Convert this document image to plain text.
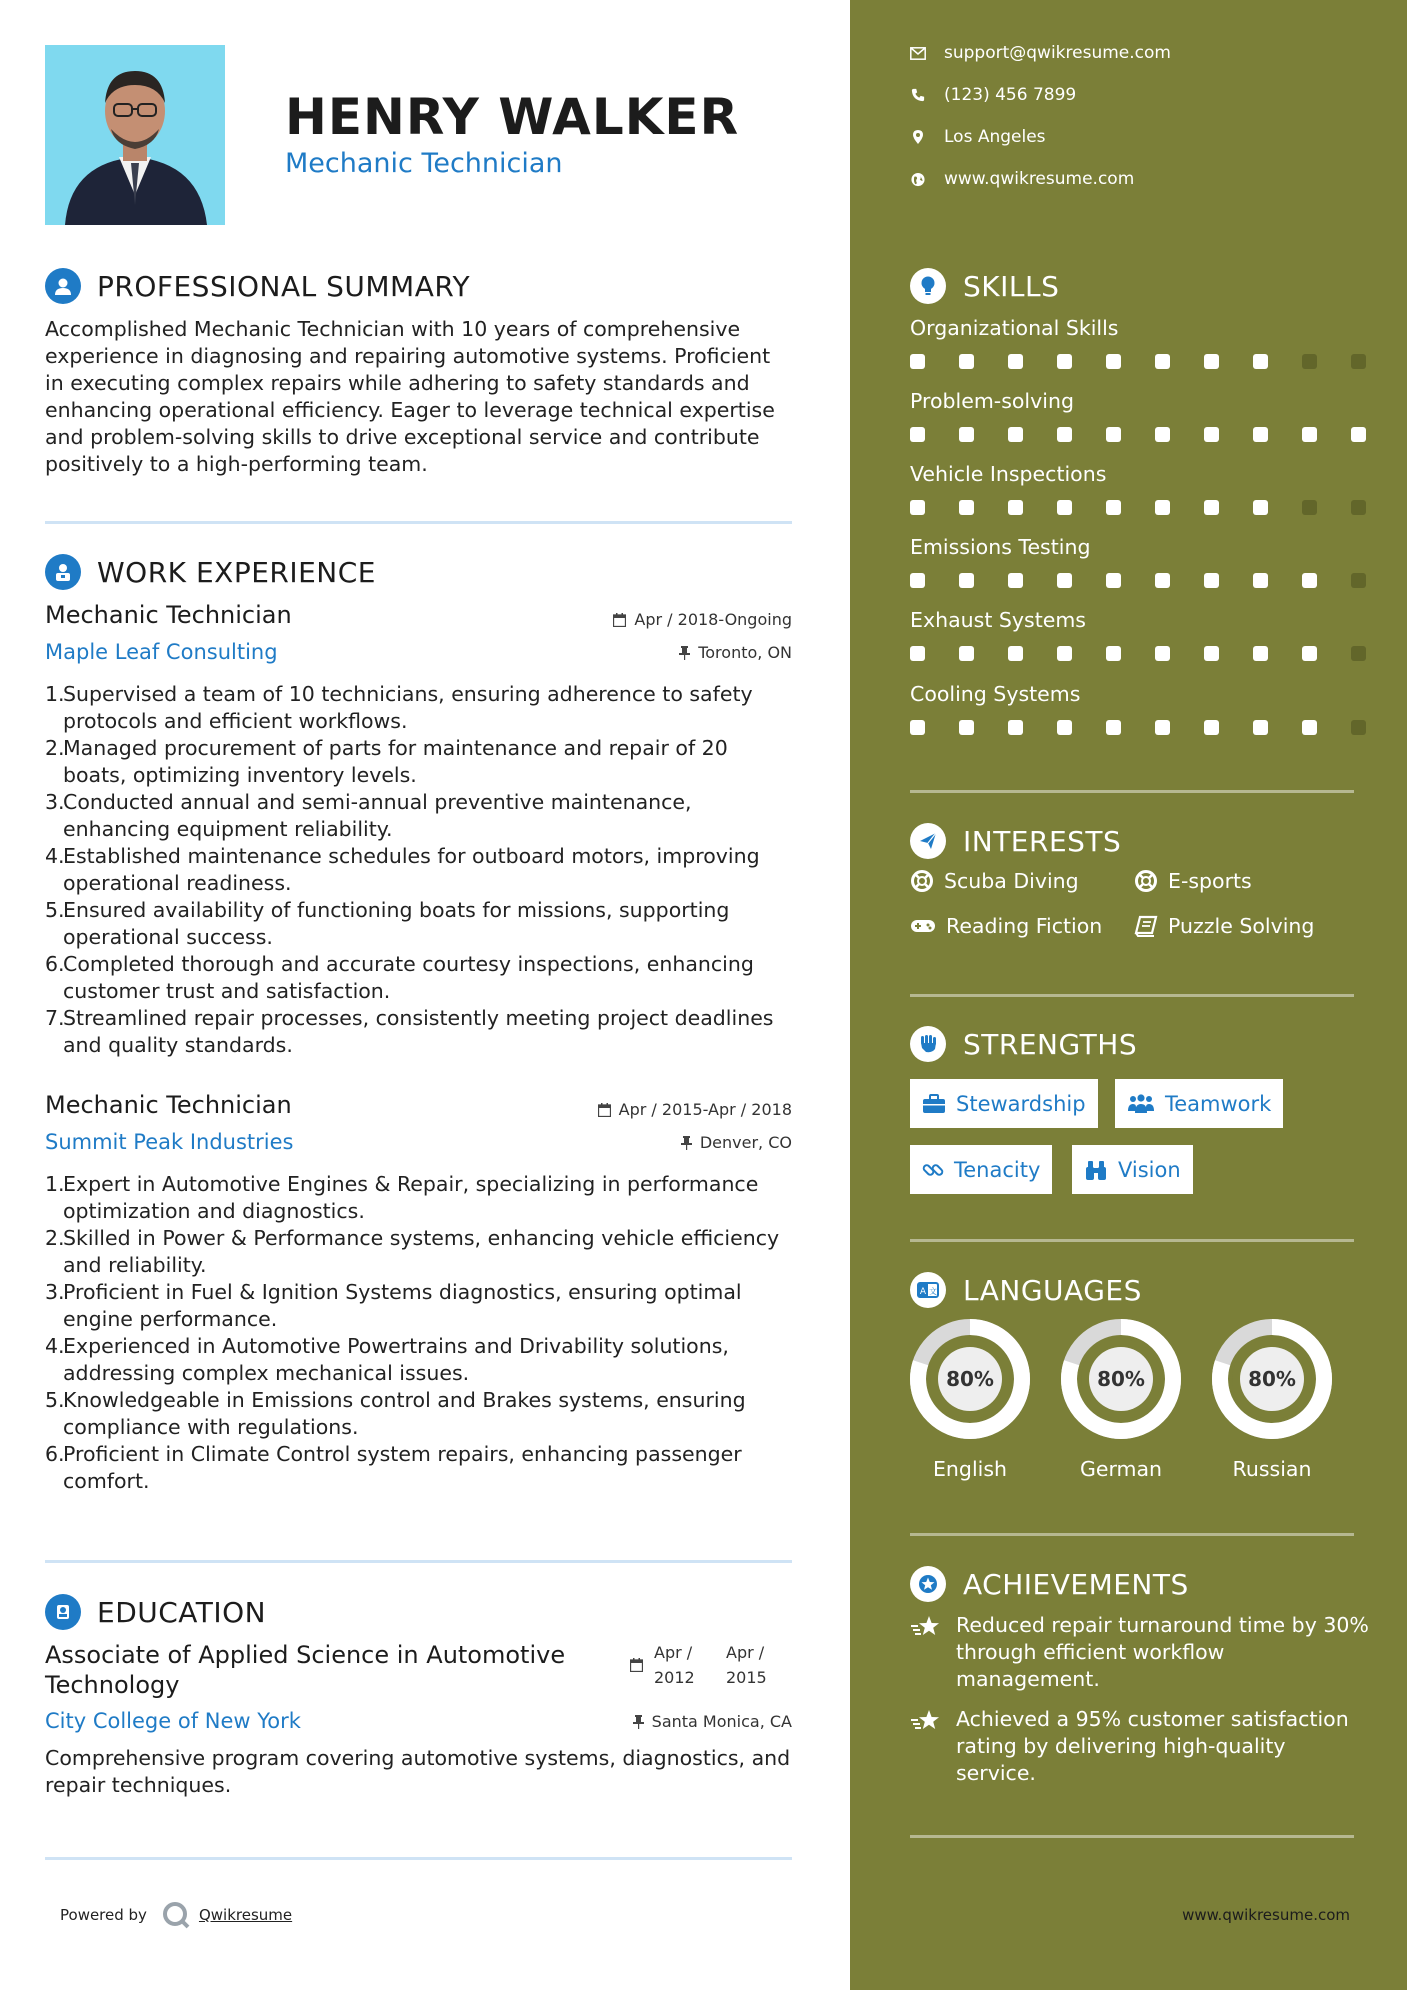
HENRY WALKER
Mechanic Technician
PROFESSIONAL SUMMARY

Accomplished Mechanic Technician with 10 years of comprehensive experience in diagnosing and repairing automotive systems. Proficient in executing complex repairs while adhering to safety standards and enhancing operational efficiency. Eager to leverage technical expertise and problem-solving skills to drive exceptional service and contribute positively to a high-performing team.

WORK EXPERIENCE
Mechanic Technician	Apr / 2018-Ongoing
Maple Leaf Consulting	Toronto, ON
1.
Supervised a team of 10 technicians, ensuring adherence to safety protocols and efficient workflows.
2.
Managed procurement of parts for maintenance and repair of 20 boats, optimizing inventory levels.
3.
Conducted annual and semi-annual preventive maintenance, enhancing equipment reliability.
4.
Established maintenance schedules for outboard motors, improving operational readiness.
5.
Ensured availability of functioning boats for missions, supporting operational success.
6.
Completed thorough and accurate courtesy inspections, enhancing customer trust and satisfaction.
7.
Streamlined repair processes, consistently meeting project deadlines and quality standards.
Mechanic Technician	Apr / 2015-Apr / 2018
Summit Peak Industries	Denver, CO
1.
Expert in Automotive Engines & Repair, specializing in performance optimization and diagnostics.
2.
Skilled in Power & Performance systems, enhancing vehicle efficiency and reliability.
3.
Proficient in Fuel & Ignition Systems diagnostics, ensuring optimal engine performance.
4.
Experienced in Automotive Powertrains and Drivability solutions, addressing complex mechanical issues.
5.
Knowledgeable in Emissions control and Brakes systems, ensuring compliance with regulations.
6.
Proficient in Climate Control system repairs, enhancing passenger comfort.
EDUCATION
Associate of Applied Science in Automotive Technology
Apr /
2012
Apr /
2015
City College of New York	Santa Monica, CA

Comprehensive program covering automotive systems, diagnostics, and repair techniques.

Powered by	Qwikresume
support@qwikresume.com
(123) 456 7899
Los Angeles
www.qwikresume.com
SKILLS
Organizational Skills
Problem-solving
Vehicle Inspections
Emissions Testing
Exhaust Systems
Cooling Systems
INTERESTS
Scuba Diving	E-sports
Reading Fiction	Puzzle Solving
STRENGTHS
Stewardship	Teamwork
Tenacity	Vision
A 文 LANGUAGES
80%
English
80%
German
80%
Russian
ACHIEVEMENTS
Reduced repair turnaround time by 30% through efficient workflow management.
Achieved a 95% customer satisfaction rating by delivering high-quality service.
www.qwikresume.com
